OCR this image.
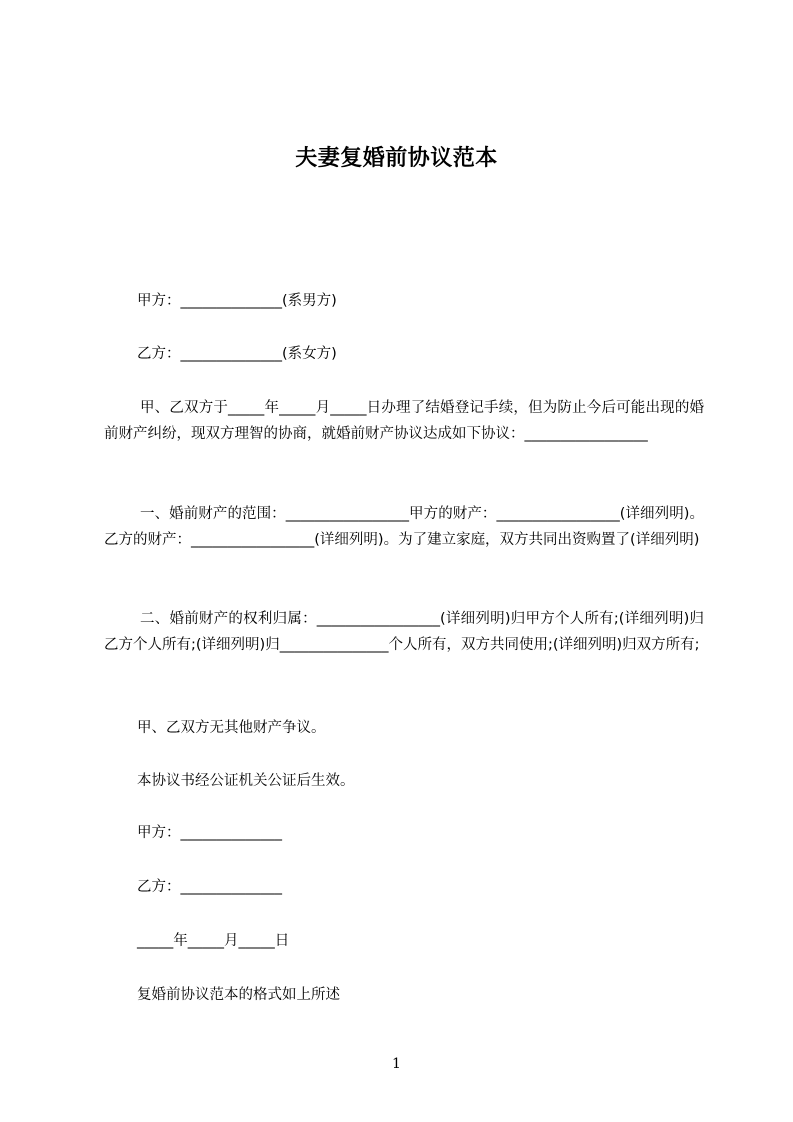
夫妻复婚前协议范本
甲方：______________(系男方)
乙方：______________(系女方)

甲、乙双方于_____年_____月_____日办理了结婚登记手续，但为防止今后可能出现的婚前财产纠纷，现双方理智的协商，就婚前财产协议达成如下协议：_________________

一、婚前财产的范围：_________________甲方的财产：_________________(详细列明)。乙方的财产：_________________(详细列明)。为了建立家庭，双方共同出资购置了(详细列明)

二、婚前财产的权利归属：_________________(详细列明)归甲方个人所有;(详细列明)归乙方个人所有;(详细列明)归_______________个人所有，双方共同使用;(详细列明)归双方所有;

甲、乙双方无其他财产争议。
本协议书经公证机关公证后生效。
甲方：______________
乙方：______________
_____年_____月_____日
复婚前协议范本的格式如上所述
1
